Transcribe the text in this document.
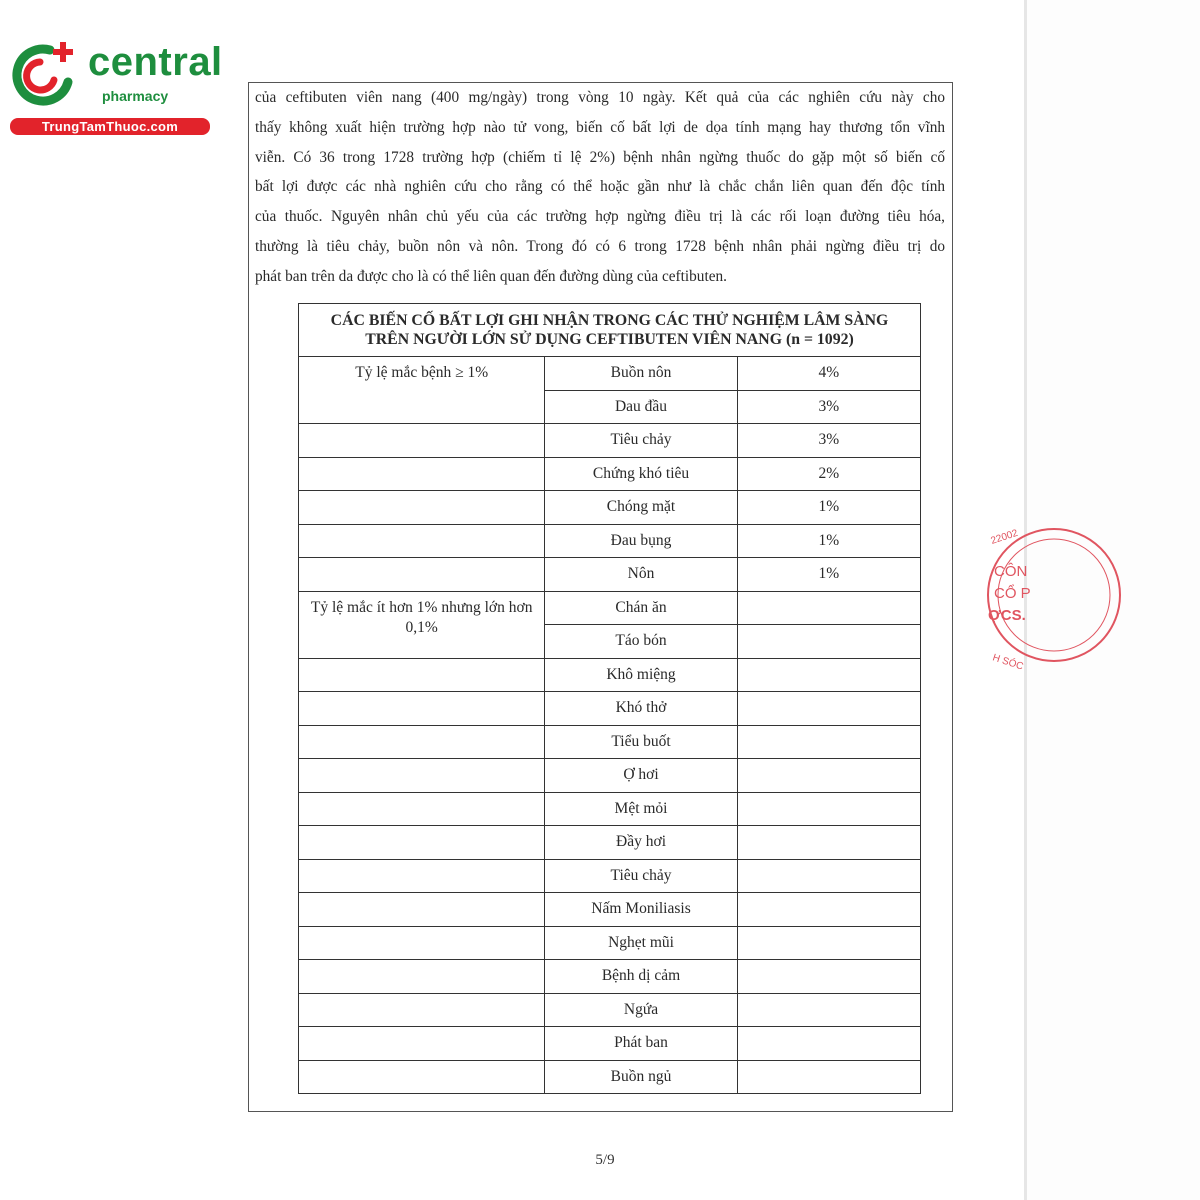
central
pharmacy
TrungTamThuoc.com
của ceftibuten viên nang (400 mg/ngày) trong vòng 10 ngày. Kết quả của các nghiên cứu này cho
thấy không xuất hiện trường hợp nào tử vong, biến cố bất lợi de dọa tính mạng hay thương tổn vĩnh
viễn. Có 36 trong 1728 trường hợp (chiếm tỉ lệ 2%) bệnh nhân ngừng thuốc do gặp một số biến cố
bất lợi được các nhà nghiên cứu cho rằng có thể hoặc gần như là chắc chắn liên quan đến độc tính
của thuốc. Nguyên nhân chủ yếu của các trường hợp ngừng điều trị là các rối loạn đường tiêu hóa,
thường là tiêu chảy, buồn nôn và nôn. Trong đó có 6 trong 1728 bệnh nhân phải ngừng điều trị do
phát ban trên da được cho là có thể liên quan đến đường dùng của ceftibuten.
CÁC BIẾN CỐ BẤT LỢI GHI NHẬN TRONG CÁC THỬ NGHIỆM LÂM SÀNG
TRÊN NGƯỜI LỚN SỬ DỤNG CEFTIBUTEN VIÊN NANG (n = 1092)		

Tỷ lệ mắc bệnh ≥ 1%	Buồn nôn	4%
	Dau đầu	3%
	Tiêu chảy	3%
	Chứng khó tiêu	2%
	Chóng mặt	1%
	Đau bụng	1%
	Nôn	1%
Tỷ lệ mắc ít hơn 1% nhưng lớn hơn 0,1%	Chán ăn	
	Táo bón	
	Khô miệng	
	Khó thở	
	Tiểu buốt	
	Ợ hơi	
	Mệt mỏi	
	Đầy hơi	
	Tiêu chảy	
	Nấm Moniliasis	
	Nghẹt mũi	
	Bệnh dị cảm	
	Ngứa	
	Phát ban	
	Buồn ngủ	
5/9
22002
CÔN
CỔ P
ỢCS.
H SÓC
